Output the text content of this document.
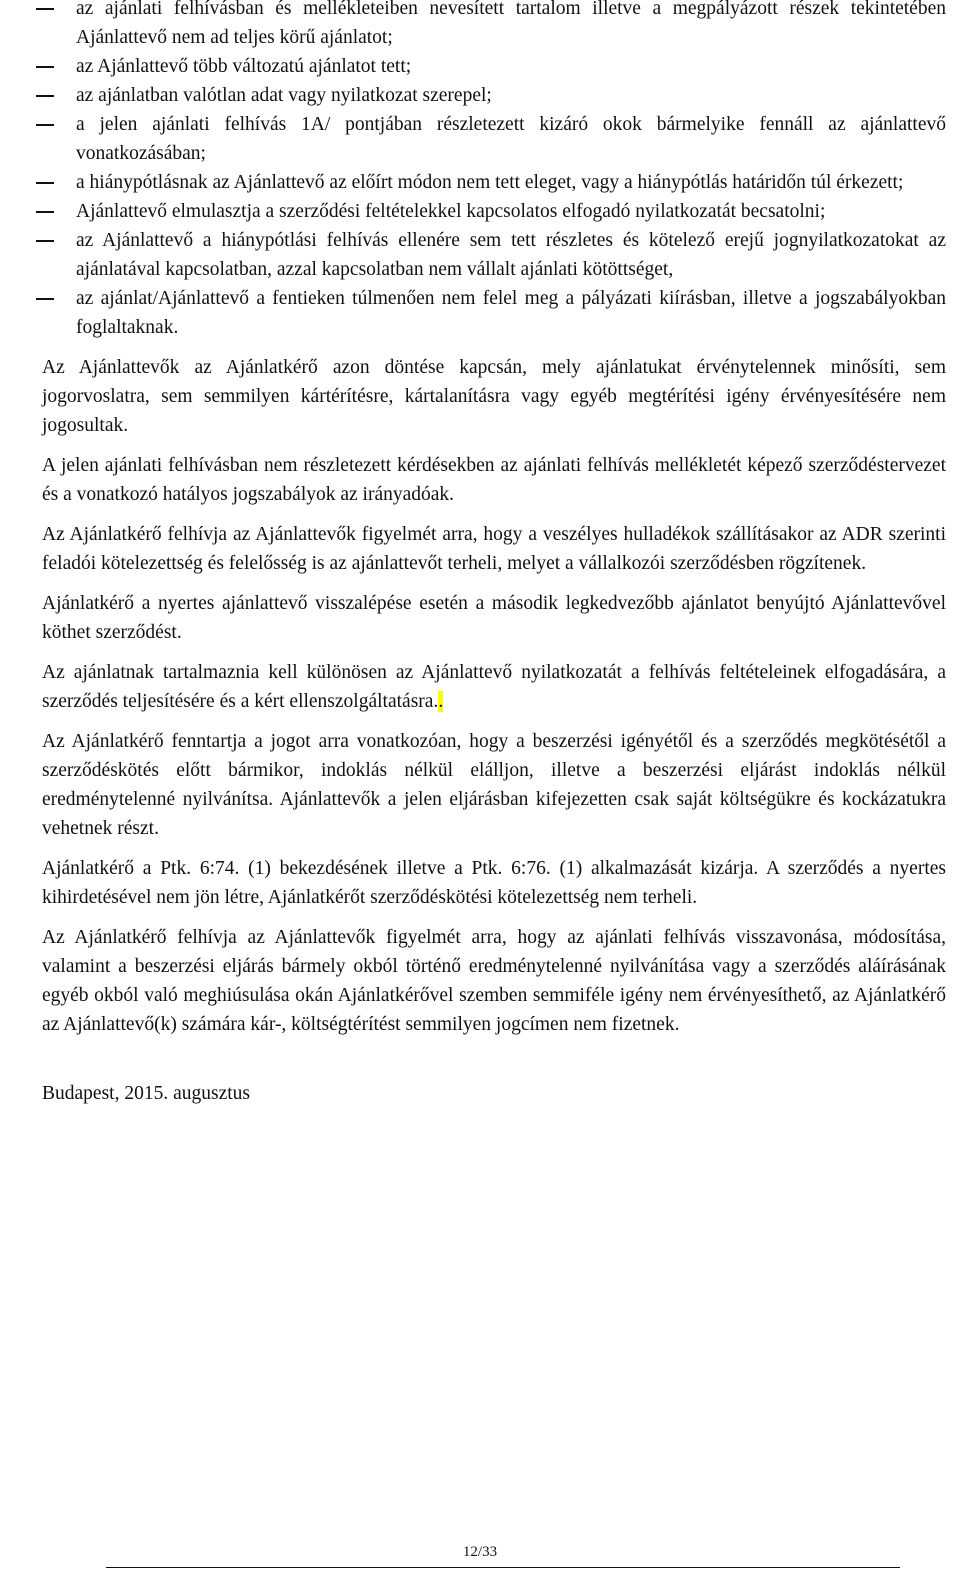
az ajánlati felhívásban és mellékleteiben nevesített tartalom illetve a megpályázott részek tekintetében Ajánlattevő nem ad teljes körű ajánlatot;
az Ajánlattevő több változatú ajánlatot tett;
az ajánlatban valótlan adat vagy nyilatkozat szerepel;
a jelen ajánlati felhívás 1A/ pontjában részletezett kizáró okok bármelyike fennáll az ajánlattevő vonatkozásában;
a hiánypótlásnak az Ajánlattevő az előírt módon nem tett eleget, vagy a hiánypótlás határidőn túl érkezett;
Ajánlattevő elmulasztja a szerződési feltételekkel kapcsolatos elfogadó nyilatkozatát becsatolni;
az Ajánlattevő a hiánypótlási felhívás ellenére sem tett részletes és kötelező erejű jognyilatkozatokat az ajánlatával kapcsolatban, azzal kapcsolatban nem vállalt ajánlati kötöttséget,
az ajánlat/Ajánlattevő a fentieken túlmenően nem felel meg a pályázati kiírásban, illetve a jogszabályokban foglaltaknak.

Az Ajánlattevők az Ajánlatkérő azon döntése kapcsán, mely ajánlatukat érvénytelennek minősíti, sem jogorvoslatra, sem semmilyen kártérítésre, kártalanításra vagy egyéb megtérítési igény érvényesítésére nem jogosultak.

A jelen ajánlati felhívásban nem részletezett kérdésekben az ajánlati felhívás mellékletét képező szerződéstervezet és a vonatkozó hatályos jogszabályok az irányadóak.

Az Ajánlatkérő felhívja az Ajánlattevők figyelmét arra, hogy a veszélyes hulladékok szállításakor az ADR szerinti feladói kötelezettség és felelősség is az ajánlattevőt terheli, melyet a vállalkozói szerződésben rögzítenek.

Ajánlatkérő a nyertes ajánlattevő visszalépése esetén a második legkedvezőbb ajánlatot benyújtó Ajánlattevővel köthet szerződést.

Az ajánlatnak tartalmaznia kell különösen az Ajánlattevő nyilatkozatát a felhívás feltételeinek elfogadására, a szerződés teljesítésére és a kért ellenszolgáltatásra..

Az Ajánlatkérő fenntartja a jogot arra vonatkozóan, hogy a beszerzési igényétől és a szerződés megkötésétől a szerződéskötés előtt bármikor, indoklás nélkül elálljon, illetve a beszerzési eljárást indoklás nélkül eredménytelenné nyilvánítsa. Ajánlattevők a jelen eljárásban kifejezetten csak saját költségükre és kockázatukra vehetnek részt.

Ajánlatkérő a Ptk. 6:74. (1) bekezdésének illetve a Ptk. 6:76. (1) alkalmazását kizárja. A szerződés a nyertes kihirdetésével nem jön létre, Ajánlatkérőt szerződéskötési kötelezettség nem terheli.

Az Ajánlatkérő felhívja az Ajánlattevők figyelmét arra, hogy az ajánlati felhívás visszavonása, módosítása, valamint a beszerzési eljárás bármely okból történő eredménytelenné nyilvánítása vagy a szerződés aláírásának egyéb okból való meghiúsulása okán Ajánlatkérővel szemben semmiféle igény nem érvényesíthető, az Ajánlatkérő az Ajánlattevő(k) számára kár-, költségtérítést semmilyen jogcímen nem fizetnek.

Budapest, 2015. augusztus

12/33
